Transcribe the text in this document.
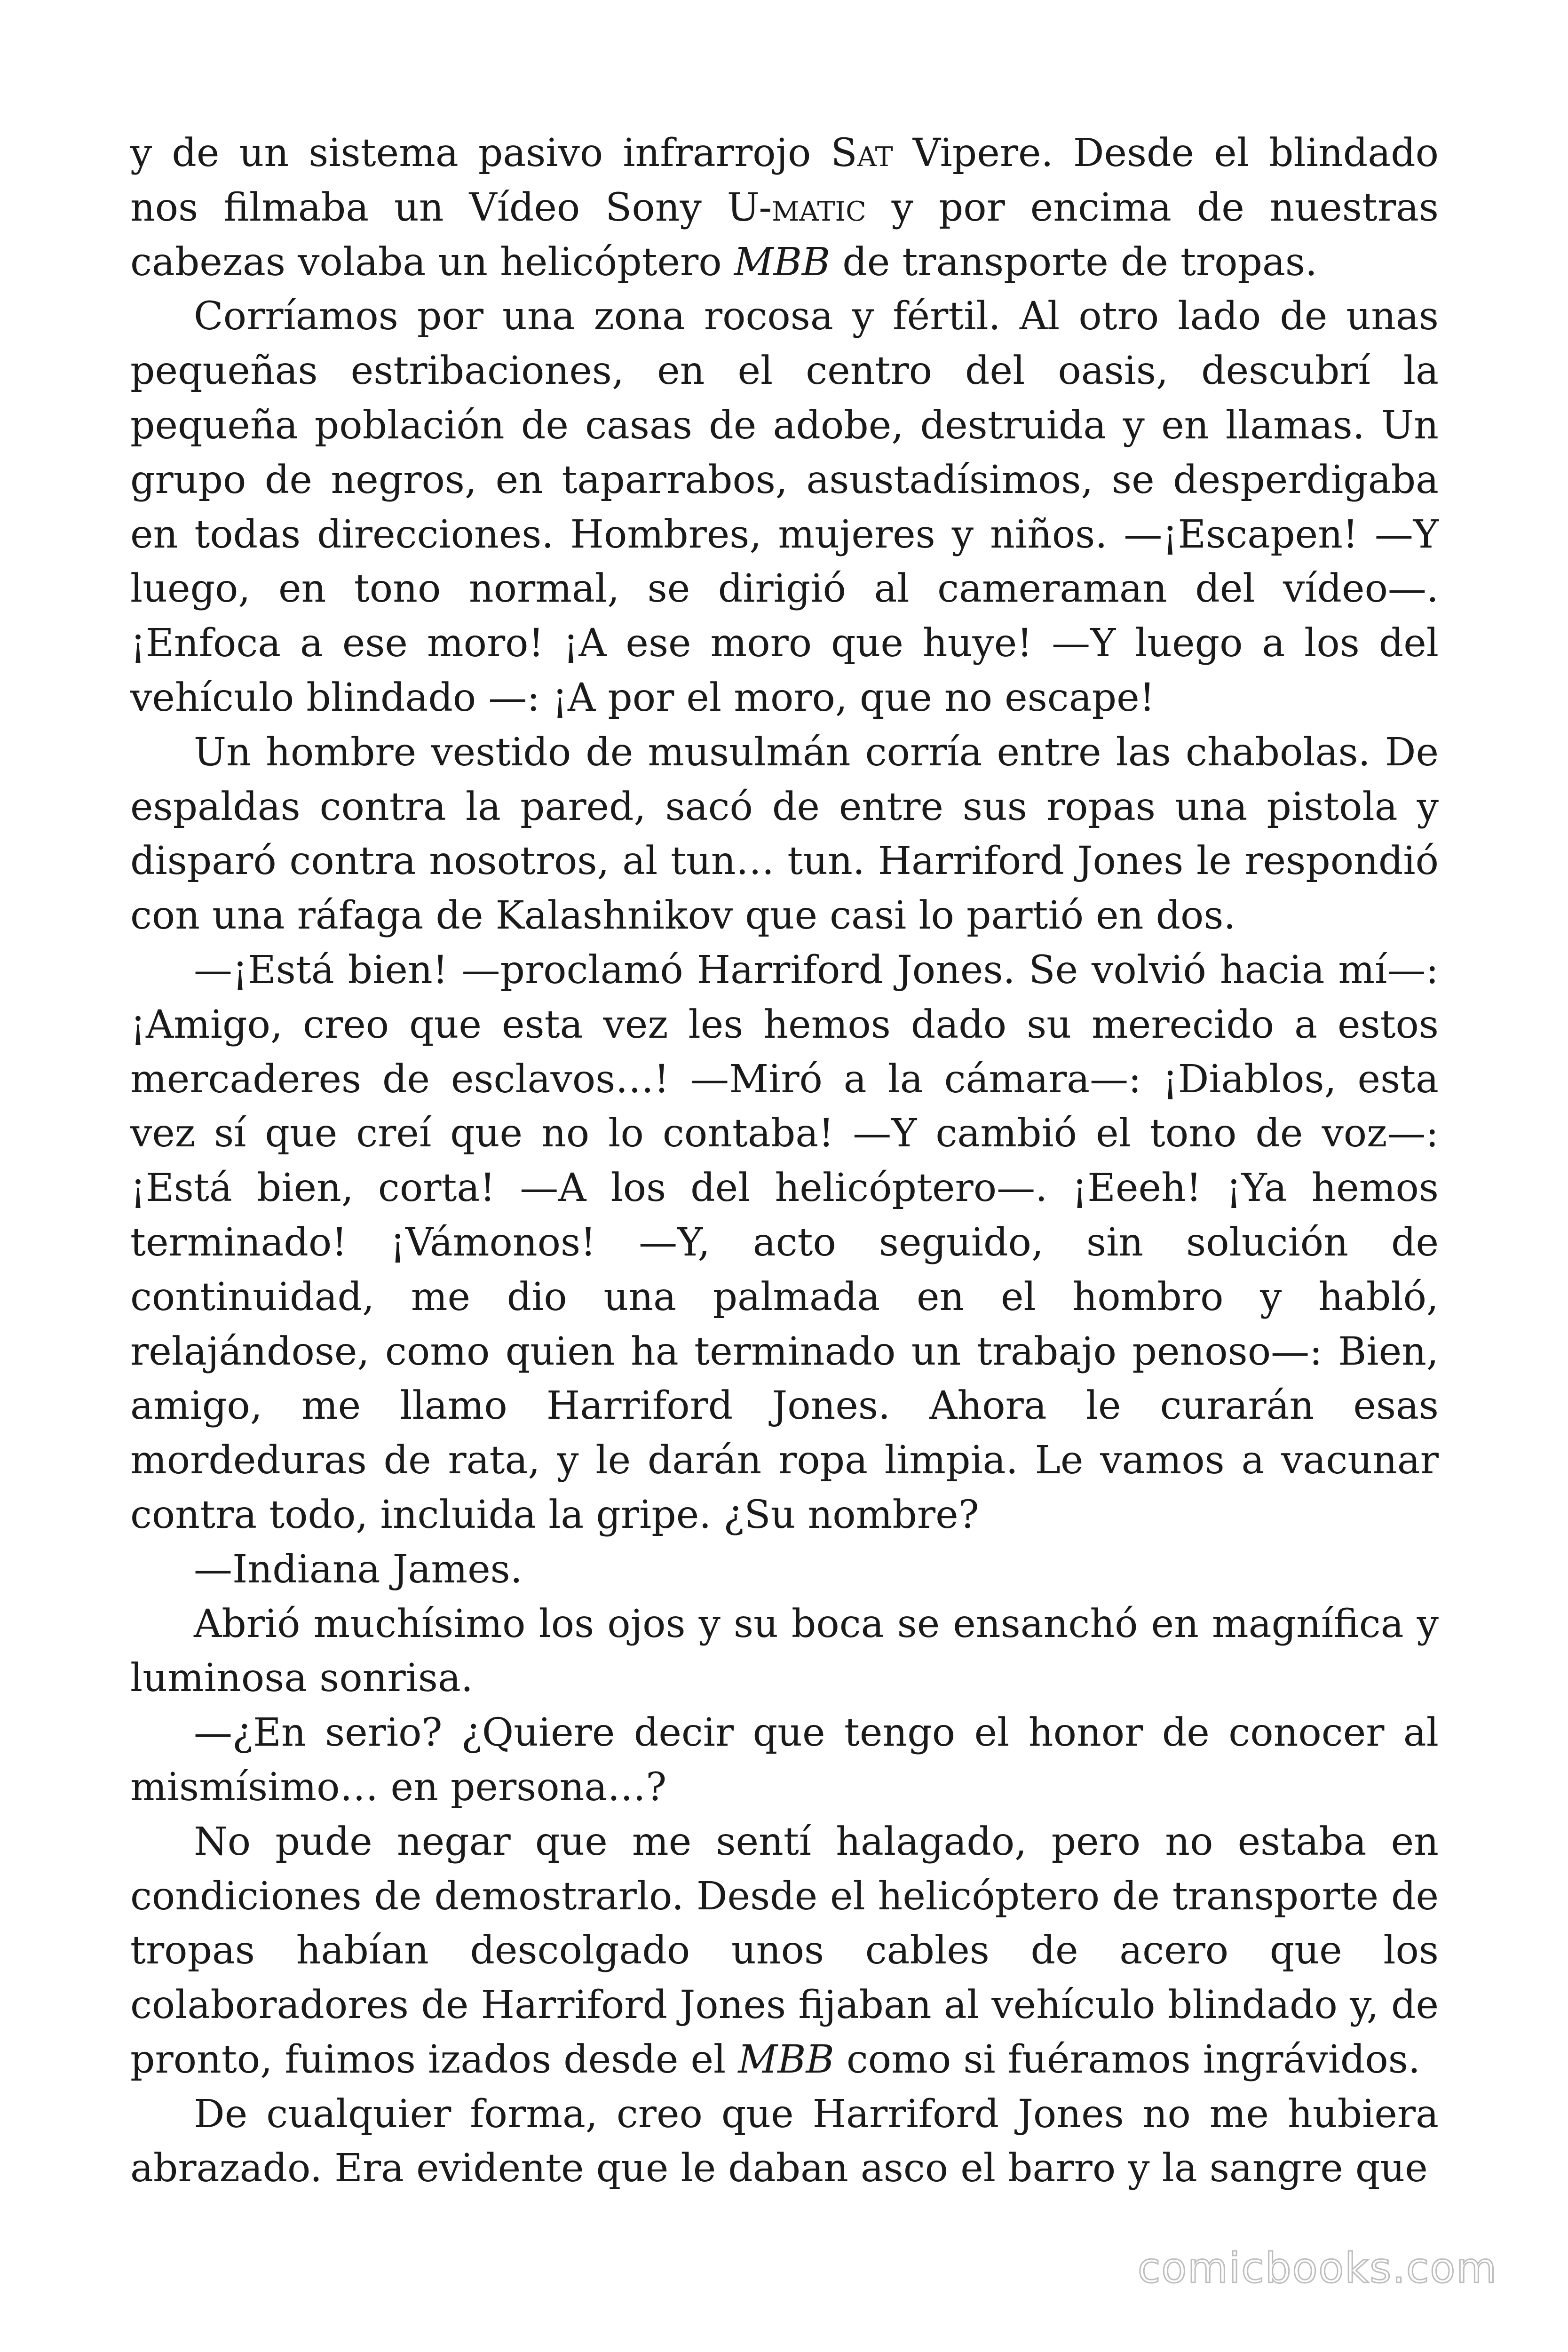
y de un sistema pasivo infrarrojo Sat Vipere. Desde el blindado nos filmaba un Vídeo Sony U-matic y por encima de nuestras cabezas volaba un helicóptero MBB de transporte de tropas.

Corríamos por una zona rocosa y fértil. Al otro lado de unas pequeñas estribaciones, en el centro del oasis, descubrí la pequeña población de casas de adobe, destruida y en llamas. Un grupo de negros, en taparrabos, asustadísimos, se desperdigaba en todas direcciones. Hombres, mujeres y niños. —¡Escapen! —Y luego, en tono normal, se dirigió al cameraman del vídeo—. ¡Enfoca a ese moro! ¡A ese moro que huye! —Y luego a los del vehículo blindado —: ¡A por el moro, que no escape!

Un hombre vestido de musulmán corría entre las chabolas. De espaldas contra la pared, sacó de entre sus ropas una pistola y disparó contra nosotros, al tun… tun. Harriford Jones le respondió con una ráfaga de Kalashnikov que casi lo partió en dos.

—¡Está bien! —proclamó Harriford Jones. Se volvió hacia mí—: ¡Amigo, creo que esta vez les hemos dado su merecido a estos mercaderes de esclavos…! —Miró a la cámara—: ¡Diablos, esta vez sí que creí que no lo contaba! —Y cambió el tono de voz—: ¡Está bien, corta! —A los del helicóptero—. ¡Eeeh! ¡Ya hemos terminado! ¡Vámonos! —Y, acto seguido, sin solución de continuidad, me dio una palmada en el hombro y habló, relajándose, como quien ha terminado un trabajo penoso—: Bien, amigo, me llamo Harriford Jones. Ahora le curarán esas mordeduras de rata, y le darán ropa limpia. Le vamos a vacunar contra todo, incluida la gripe. ¿Su nombre?

—Indiana James.

Abrió muchísimo los ojos y su boca se ensanchó en magnífica y luminosa sonrisa.

—¿En serio? ¿Quiere decir que tengo el honor de conocer al mismísimo… en persona…?

No pude negar que me sentí halagado, pero no estaba en condiciones de demostrarlo. Desde el helicóptero de transporte de tropas habían descolgado unos cables de acero que los colaboradores de Harriford Jones fijaban al vehículo blindado y, de pronto, fuimos izados desde el MBB como si fuéramos ingrávidos.

De cualquier forma, creo que Harriford Jones no me hubiera abrazado. Era evidente que le daban asco el barro y la sangre que

comicbooks.com
